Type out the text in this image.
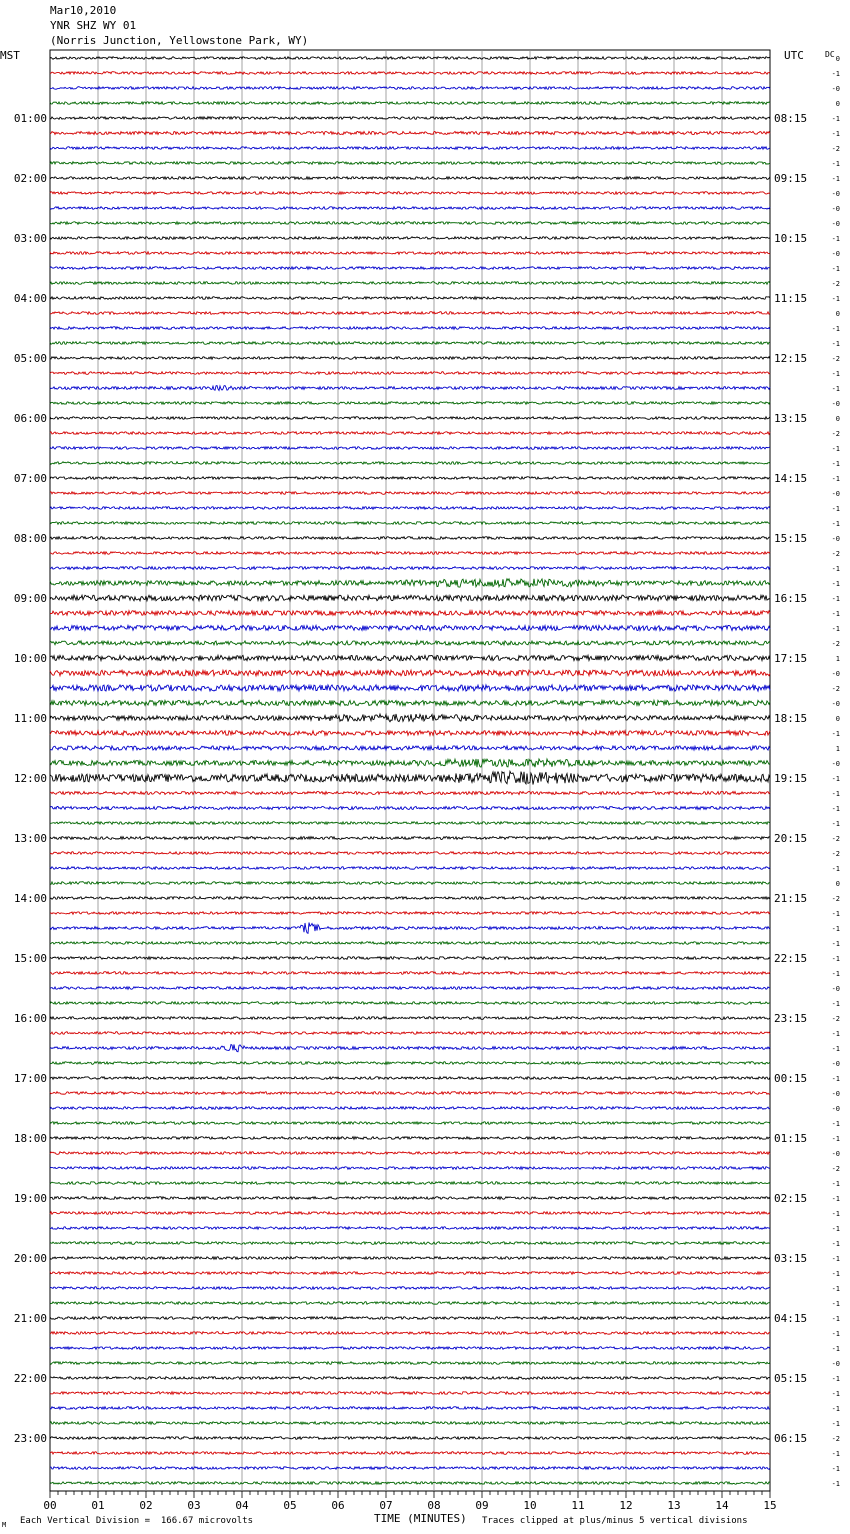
Mar10,2010
YNR SHZ WY 01
(Norris Junction, Yellowstone Park, WY)
MST	UTC	DC 0
-1
-0
0
-1
-1
-2
-1
-1
-0
-0
-0
-1
-0
-1
-2
-1
0
-1
-1
-2
-1
-1
-0
0
-2
-1
-1
-1
-0
-1
-1
-0
-2
-1
-1
-1
-1
-1
-2
1
-0
-2
-0
0
-1
1
-0
-1
-1
-1
-1
-2
-2
-1
0
-2
-1
-1
-1
-1
-1
-0
-1
-2
-1
-1
-0
-1
-0
-0
-1
-1
-0
-2
-1
-1
-1
-1
-1
-1
-1
-1
-1
-1
-1
-1
-0
-1
-1
-1
-1
-2
-1
-1
-1
01:00
02:00
03:00
04:00
05:00
06:00
07:00
08:00
09:00
10:00
11:00
12:00
13:00
14:00
15:00
16:00
17:00
18:00
19:00
20:00
21:00
22:00
23:00
08:15
09:15
10:15
11:15
12:15
13:15
14:15
15:15
16:15
17:15
18:15
19:15
20:15
21:15
22:15
23:15
00:15
01:15
02:15
03:15
04:15
05:15
06:15
00	01	02	03	04	05	06	07	08	09	10	11	12	13	14	15
M Each Vertical Division =  166.67 microvolts	TIME (MINUTES) Traces clipped at plus/minus 5 vertical divisions
